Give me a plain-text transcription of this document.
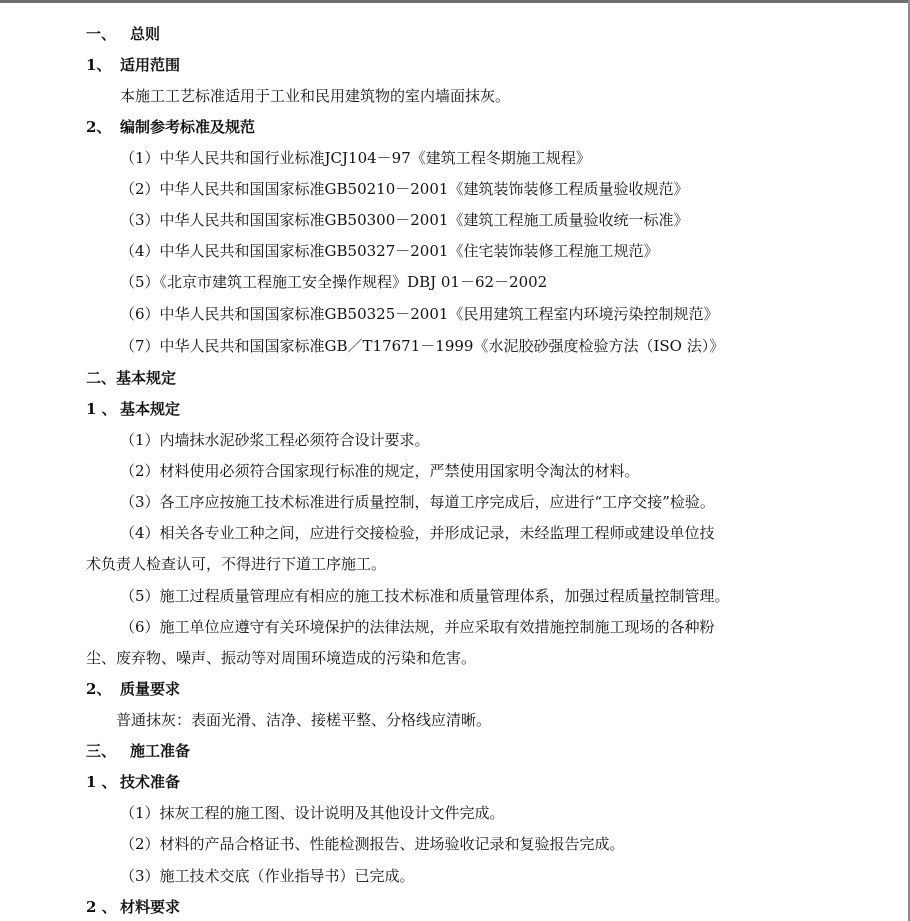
一、 总则
1、 适用范围
本施工工艺标准适用于工业和民用建筑物的室内墙面抹灰。
2、 编制参考标准及规范
（1）中华人民共和国行业标准JCJ104－97《建筑工程冬期施工规程》
（2）中华人民共和国国家标准GB50210－2001《建筑装饰装修工程质量验收规范》
（3）中华人民共和国国家标准GB50300－2001《建筑工程施工质量验收统一标准》
（4）中华人民共和国国家标准GB50327－2001《住宅装饰装修工程施工规范》
（5）《北京市建筑工程施工安全操作规程》DBJ 01－62－2002
（6）中华人民共和国国家标准GB50325－2001《民用建筑工程室内环境污染控制规范》
（7）中华人民共和国国家标准GB／T17671－1999《水泥胶砂强度检验方法（ISO 法）》
二、基本规定
1 、 基本规定
（1）内墙抹水泥砂浆工程必须符合设计要求。
（2）材料使用必须符合国家现行标准的规定，严禁使用国家明令淘汰的材料。
（3）各工序应按施工技术标准进行质量控制，每道工序完成后，应进行“工序交接”检验。
（4）相关各专业工种之间，应进行交接检验，并形成记录，未经监理工程师或建设单位技
术负责人检查认可，不得进行下道工序施工。
（5）施工过程质量管理应有相应的施工技术标准和质量管理体系，加强过程质量控制管理。
（6）施工单位应遵守有关环境保护的法律法规，并应采取有效措施控制施工现场的各种粉
尘、废弃物、噪声、振动等对周围环境造成的污染和危害。
2、 质量要求
普通抹灰：表面光滑、洁净、接槎平整、分格线应清晰。
三、 施工准备
1 、 技术准备
（1）抹灰工程的施工图、设计说明及其他设计文件完成。
（2）材料的产品合格证书、性能检测报告、进场验收记录和复验报告完成。
（3）施工技术交底（作业指导书）已完成。
2 、 材料要求
